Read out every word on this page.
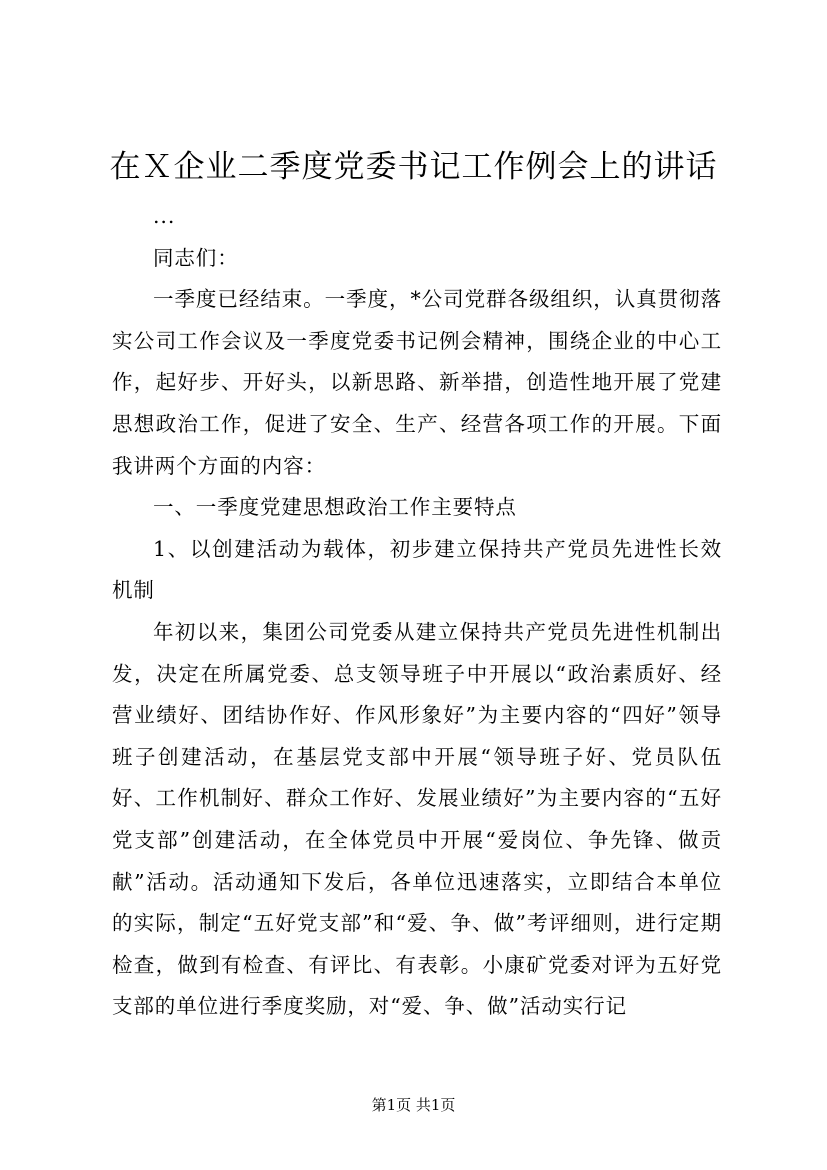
在Ｘ企业二季度党委书记工作例会上的讲话

...

同志们：

一季度已经结束。一季度，*公司党群各级组织，认真贯彻落实公司工作会议及一季度党委书记例会精神，围绕企业的中心工作，起好步、开好头，以新思路、新举措，创造性地开展了党建思想政治工作，促进了安全、生产、经营各项工作的开展。下面我讲两个方面的内容：

一、一季度党建思想政治工作主要特点

1、以创建活动为载体，初步建立保持共产党员先进性长效机制

年初以来，集团公司党委从建立保持共产党员先进性机制出发，决定在所属党委、总支领导班子中开展以“政治素质好、经营业绩好、团结协作好、作风形象好”为主要内容的“四好”领导班子创建活动，在基层党支部中开展“领导班子好、党员队伍好、工作机制好、群众工作好、发展业绩好”为主要内容的“五好党支部”创建活动，在全体党员中开展“爱岗位、争先锋、做贡献”活动。活动通知下发后，各单位迅速落实，立即结合本单位的实际，制定“五好党支部”和“爱、争、做”考评细则，进行定期检查，做到有检查、有评比、有表彰。小康矿党委对评为五好党支部的单位进行季度奖励，对“爱、争、做”活动实行记

第1页 共1页
